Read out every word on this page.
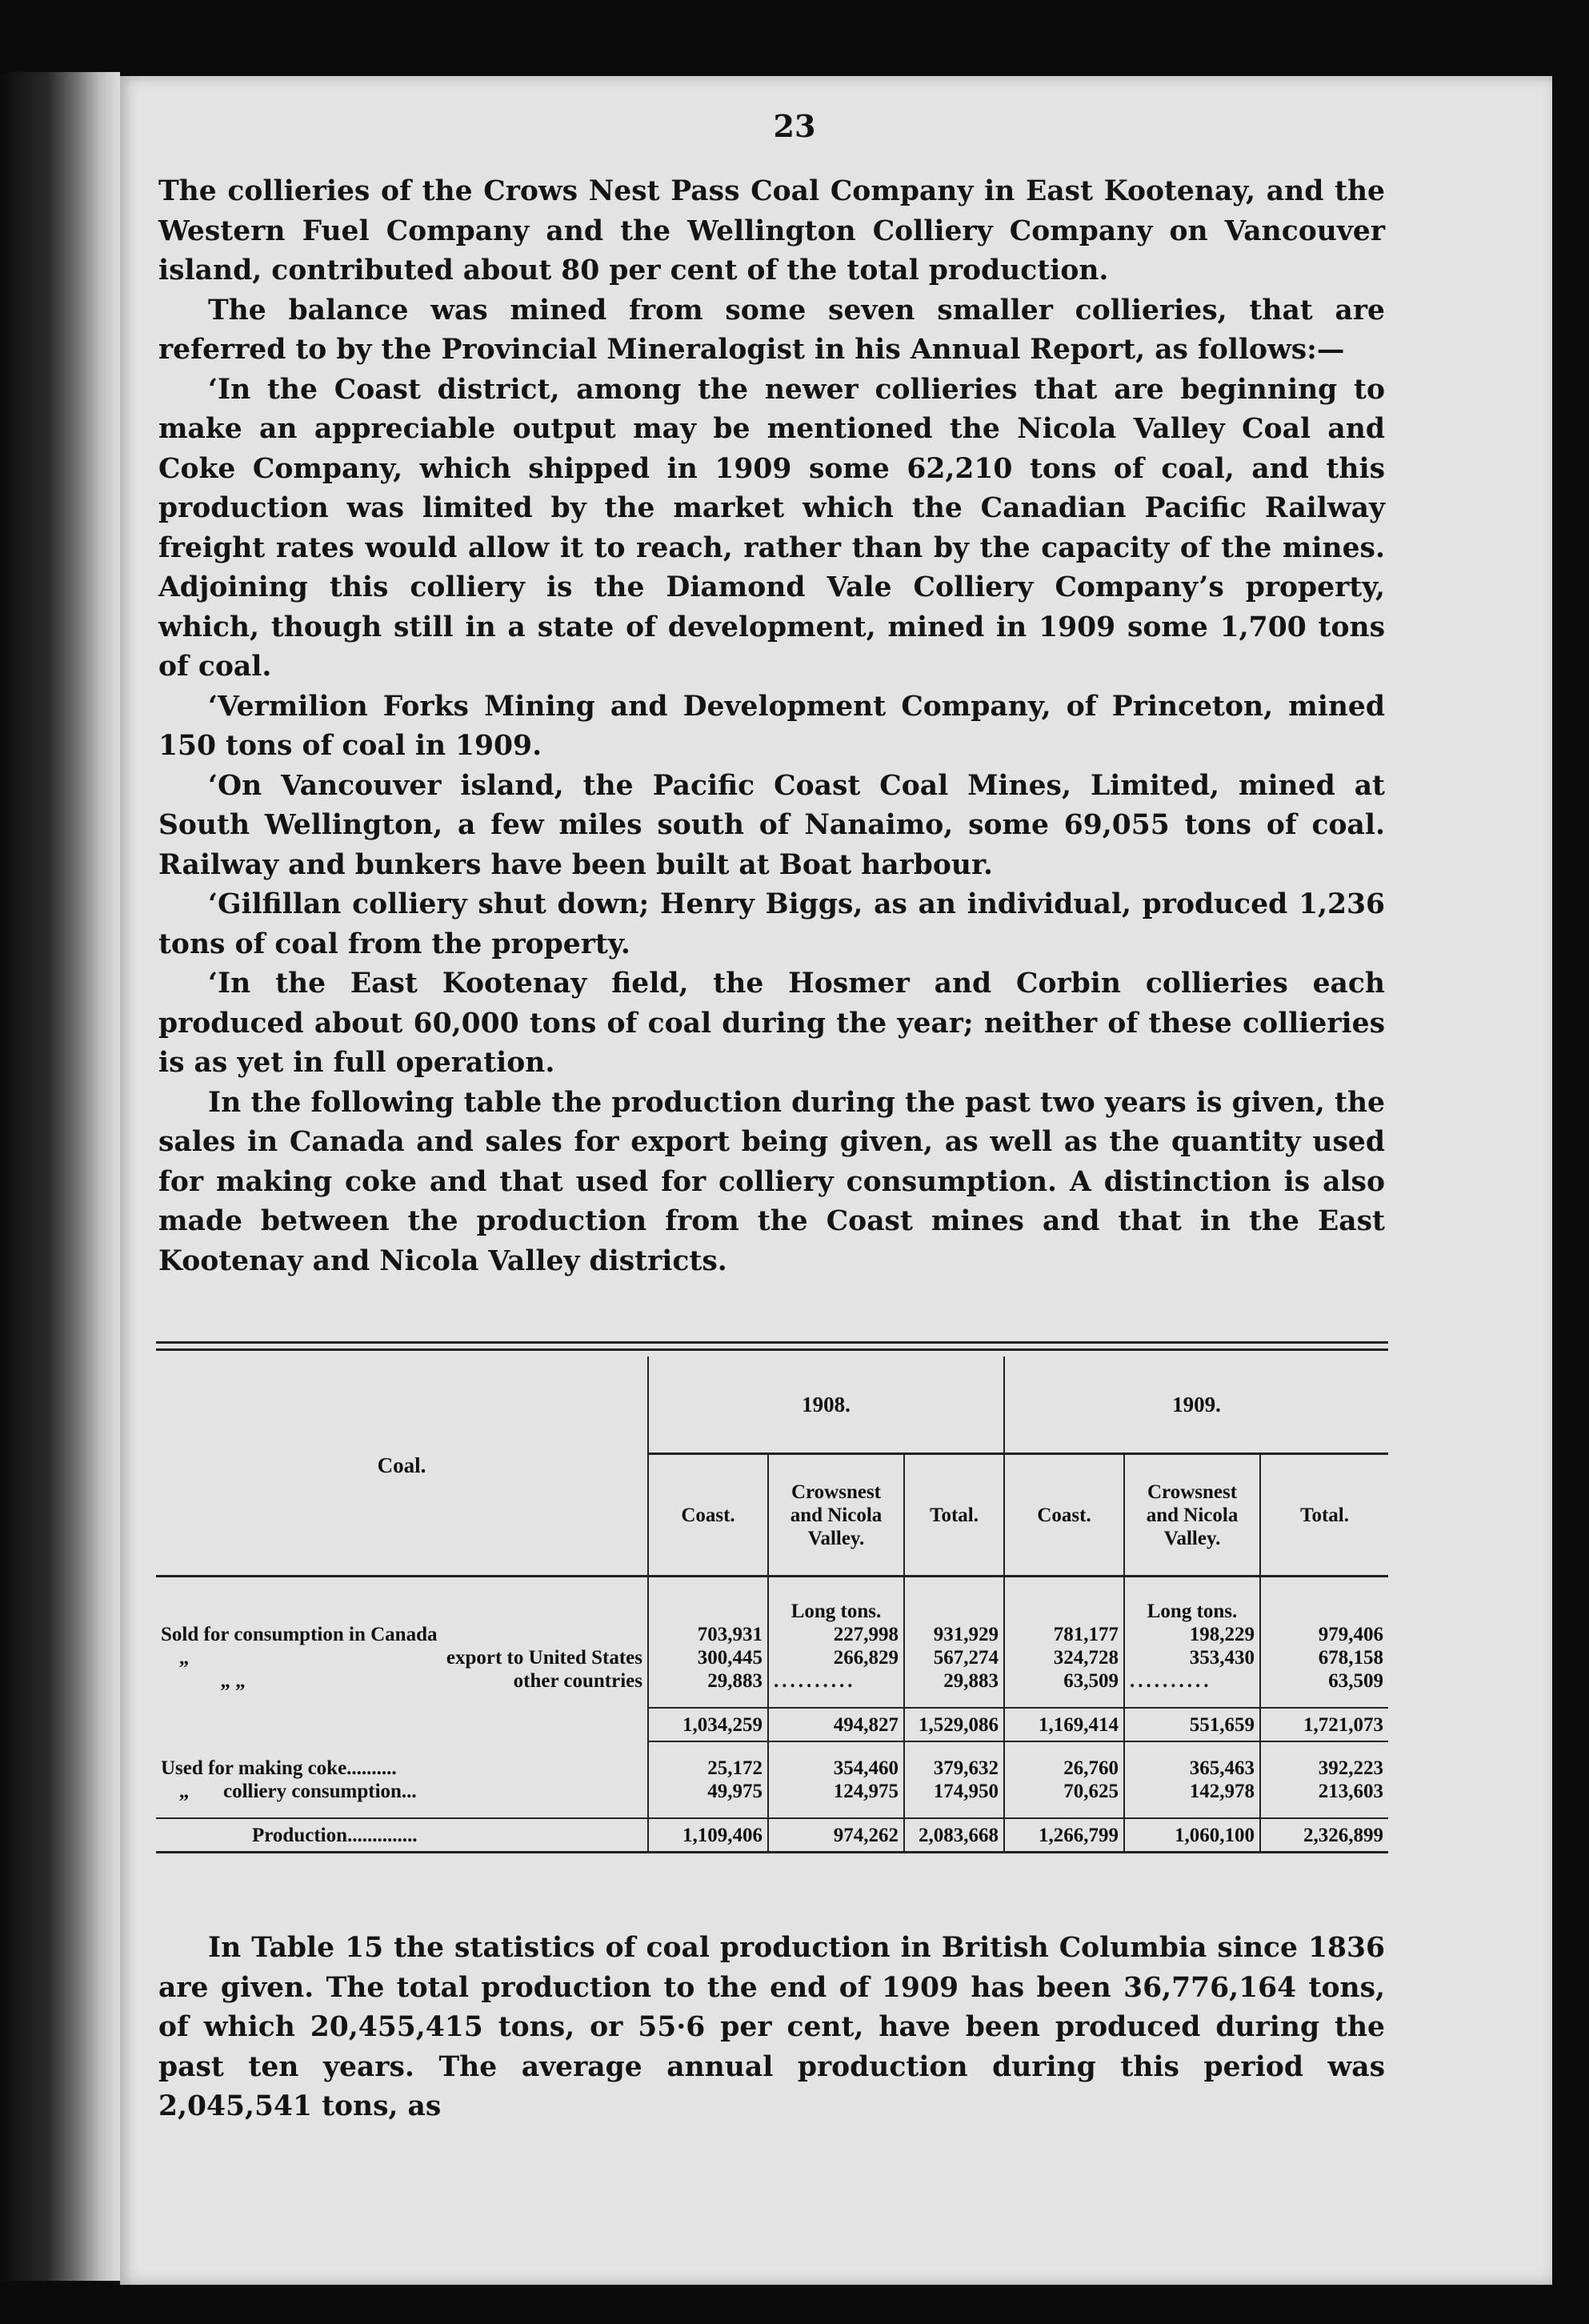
23

The collieries of the Crows Nest Pass Coal Company in East Kootenay, and the Western Fuel Company and the Wellington Colliery Company on Vancouver island, contributed about 80 per cent of the total production.

The balance was mined from some seven smaller collieries, that are referred to by the Provincial Mineralogist in his Annual Report, as follows:—

‘In the Coast district, among the newer collieries that are beginning to make an appreciable output may be mentioned the Nicola Valley Coal and Coke Company, which shipped in 1909 some 62,210 tons of coal, and this production was limited by the market which the Canadian Pacific Railway freight rates would allow it to reach, rather than by the capacity of the mines. Adjoining this colliery is the Diamond Vale Colliery Company’s property, which, though still in a state of development, mined in 1909 some 1,700 tons of coal.

‘Vermilion Forks Mining and Development Company, of Princeton, mined 150 tons of coal in 1909.

‘On Vancouver island, the Pacific Coast Coal Mines, Limited, mined at South Wellington, a few miles south of Nanaimo, some 69,055 tons of coal. Railway and bunkers have been built at Boat harbour.

‘Gilfillan colliery shut down; Henry Biggs, as an individual, produced 1,236 tons of coal from the property.

‘In the East Kootenay field, the Hosmer and Corbin collieries each produced about 60,000 tons of coal during the year; neither of these collieries is as yet in full operation.

In the following table the production during the past two years is given, the sales in Canada and sales for export being given, as well as the quantity used for making coke and that used for colliery consumption. A distinction is also made between the production from the Coast mines and that in the East Kootenay and Nicola Valley districts.

Coal.	1908.			1909.		
	Coast.	Crowsnest and Nicola Valley.	Total.	Coast.	Crowsnest and Nicola Valley.	Total.

		Long tons.			Long tons.	
Sold for consumption in Canada	703,931	227,998	931,929	781,177	198,229	979,406
„ export to United States	300,445	266,829	567,274	324,728	353,430	678,158
„ „ other countries	29,883	..........	29,883	63,509	..........	63,509

	1,034,259	494,827	1,529,086	1,169,414	551,659	1,721,073

Used for making coke..........	25,172	354,460	379,632	26,760	365,463	392,223
„ colliery consumption...	49,975	124,975	174,950	70,625	142,978	213,603

Production..............	1,109,406	974,262	2,083,668	1,266,799	1,060,100	2,326,899

In Table 15 the statistics of coal production in British Columbia since 1836 are given. The total production to the end of 1909 has been 36,776,164 tons, of which 20,455,415 tons, or 55·6 per cent, have been produced during the past ten years. The average annual production during this period was 2,045,541 tons, as
